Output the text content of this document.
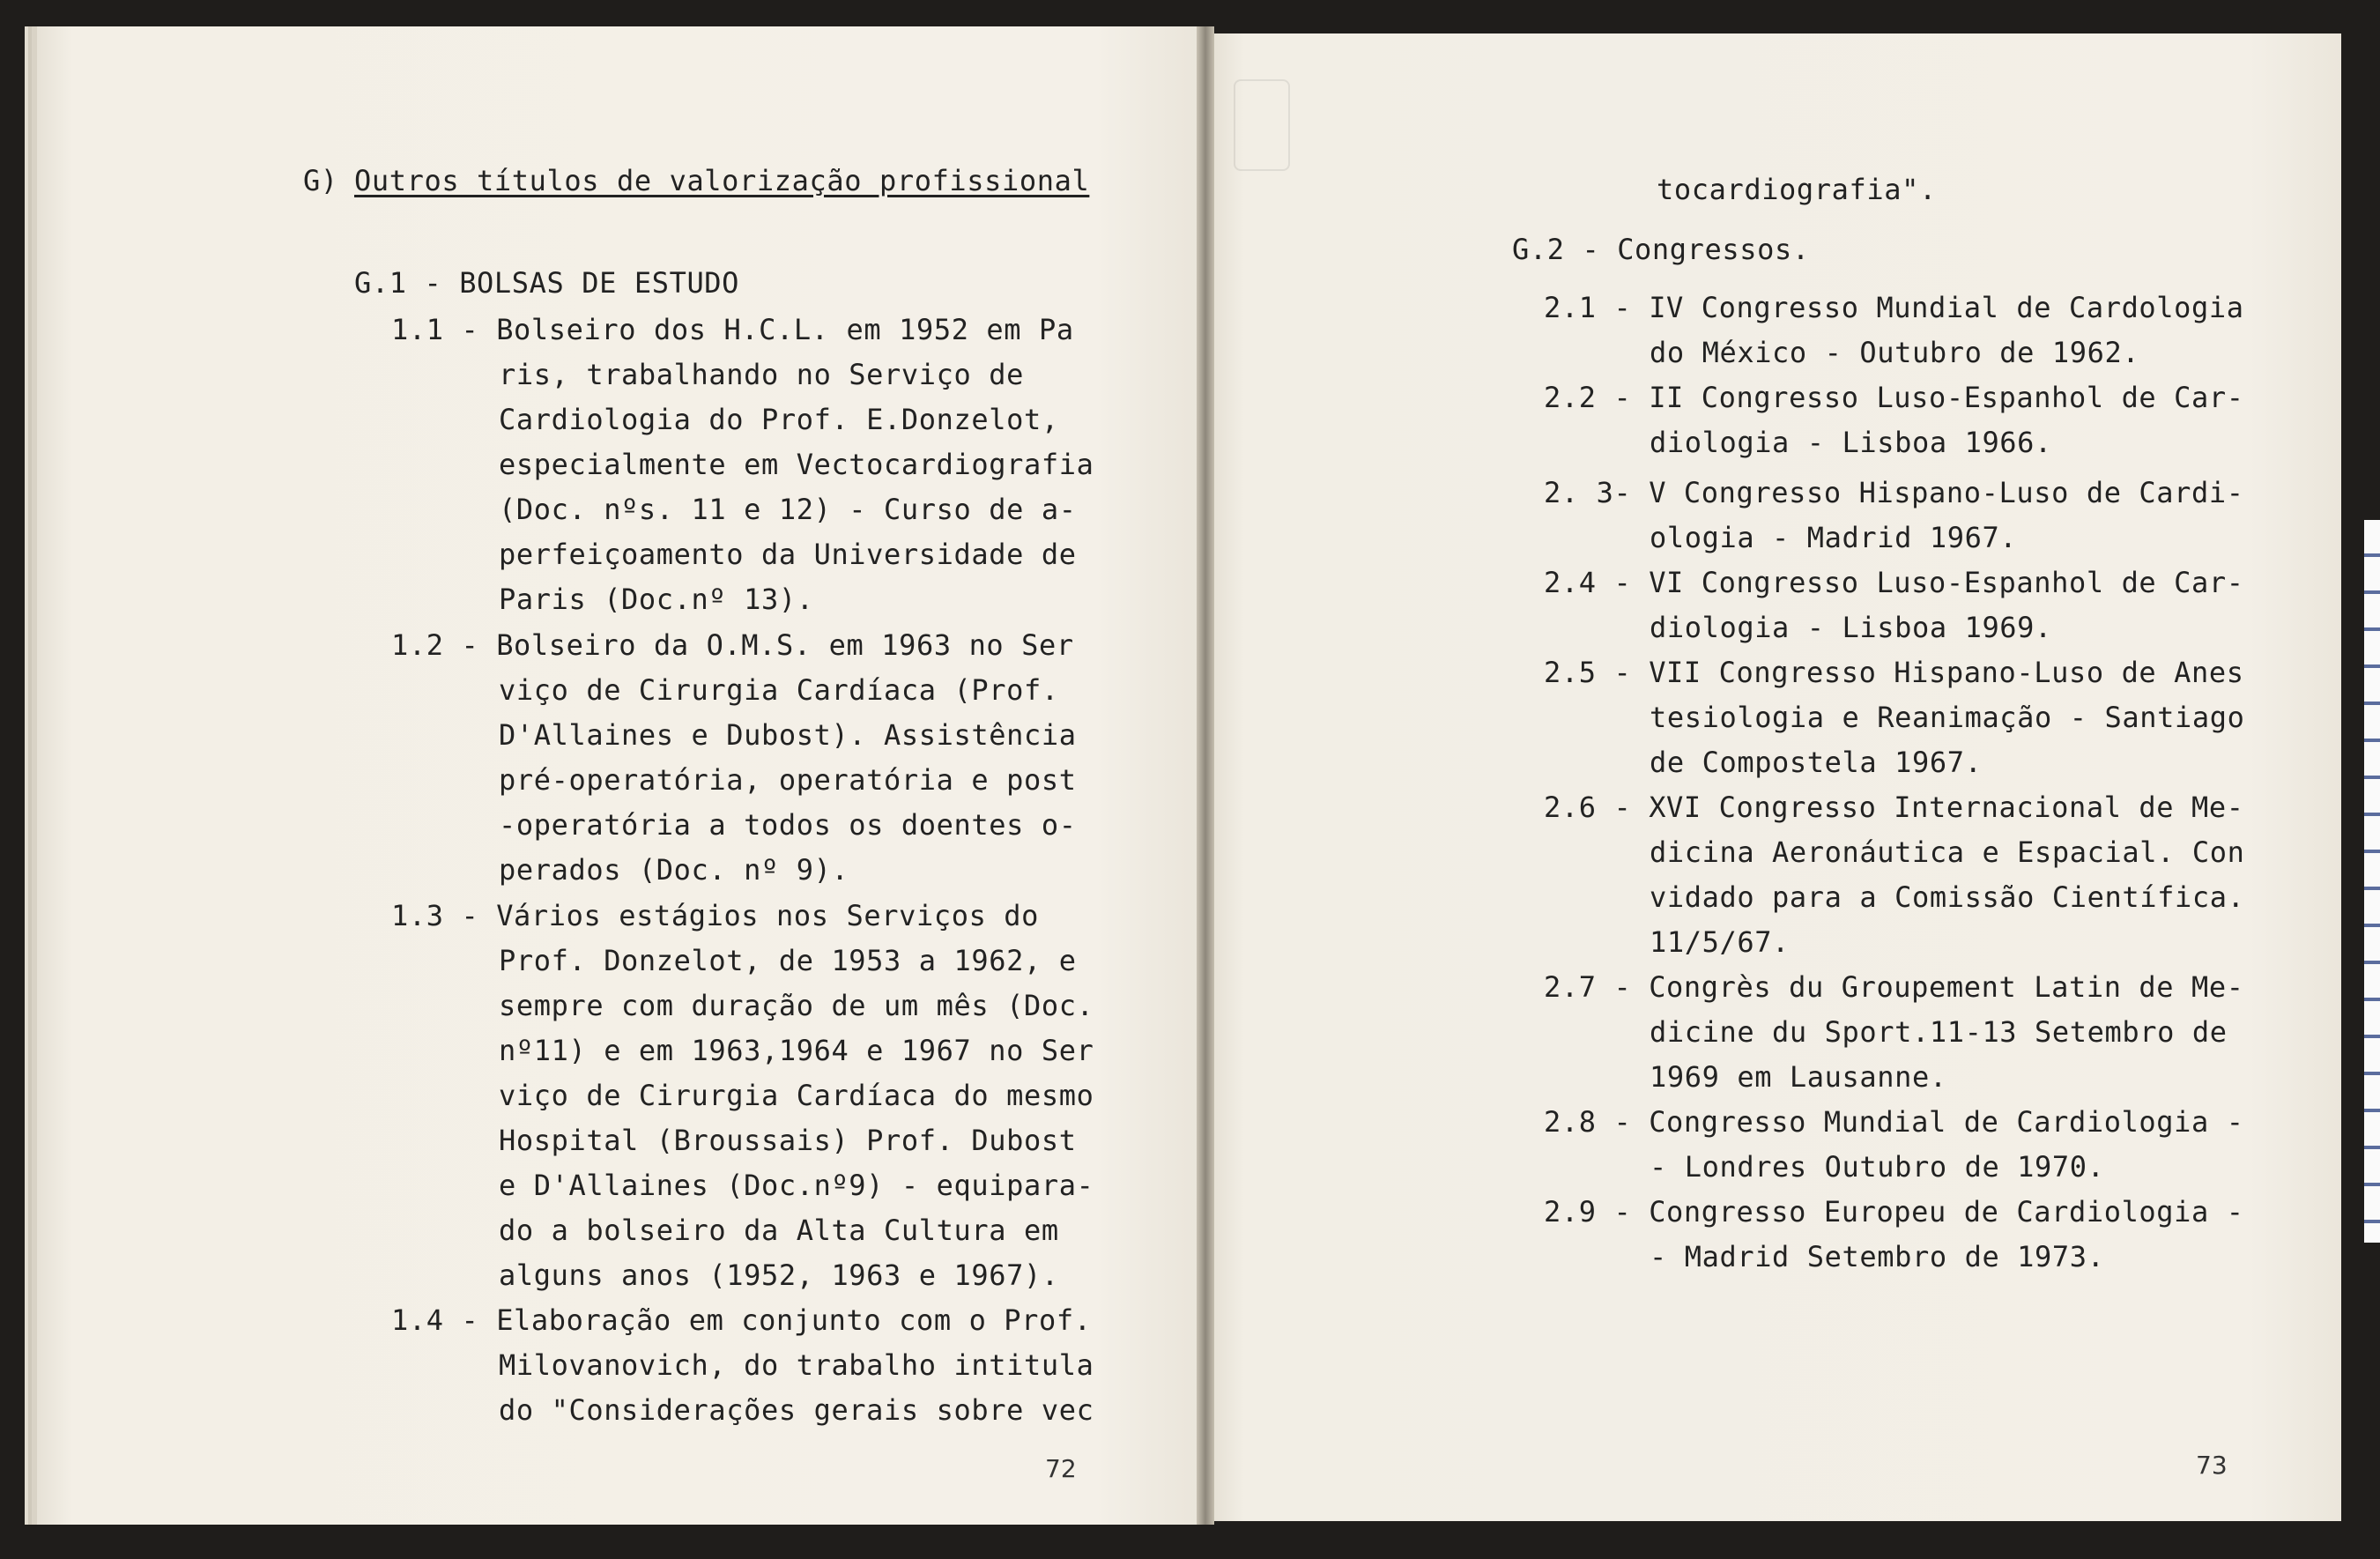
G) Outros títulos de valorização profissional
G.1 - BOLSAS DE ESTUDO
1.1 - Bolseiro dos H.C.L. em 1952 em Pa
ris, trabalhando no Serviço de
Cardiologia do Prof. E.Donzelot,
especialmente em Vectocardiografia
(Doc. nºs. 11 e 12) - Curso de a-
perfeiçoamento da Universidade de
Paris (Doc.nº 13).
1.2 - Bolseiro da O.M.S. em 1963 no Ser
viço de Cirurgia Cardíaca (Prof.
D'Allaines e Dubost). Assistência
pré-operatória, operatória e post
-operatória a todos os doentes o-
perados (Doc. nº 9).
1.3 - Vários estágios nos Serviços do
Prof. Donzelot, de 1953 a 1962, e
sempre com duração de um mês (Doc.
nº11) e em 1963,1964 e 1967 no Ser
viço de Cirurgia Cardíaca do mesmo
Hospital (Broussais) Prof. Dubost
e D'Allaines (Doc.nº9) - equipara-
do a bolseiro da Alta Cultura em
alguns anos (1952, 1963 e 1967).
1.4 - Elaboração em conjunto com o Prof.
Milovanovich, do trabalho intitula
do "Considerações gerais sobre vec
72
tocardiografia".
G.2 - Congressos.
2.1 - IV Congresso Mundial de Cardologia
do México - Outubro de 1962.
2.2 - II Congresso Luso-Espanhol de Car-
diologia - Lisboa 1966.
2. 3- V Congresso Hispano-Luso de Cardi-
ologia - Madrid 1967.
2.4 - VI Congresso Luso-Espanhol de Car-
diologia - Lisboa 1969.
2.5 - VII Congresso Hispano-Luso de Anes
tesiologia e Reanimação - Santiago
de Compostela 1967.
2.6 - XVI Congresso Internacional de Me-
dicina Aeronáutica e Espacial. Con
vidado para a Comissão Científica.
11/5/67.
2.7 - Congrès du Groupement Latin de Me-
dicine du Sport.11-13 Setembro de
1969 em Lausanne.
2.8 - Congresso Mundial de Cardiologia -
- Londres Outubro de 1970.
2.9 - Congresso Europeu de Cardiologia -
- Madrid Setembro de 1973.
73
